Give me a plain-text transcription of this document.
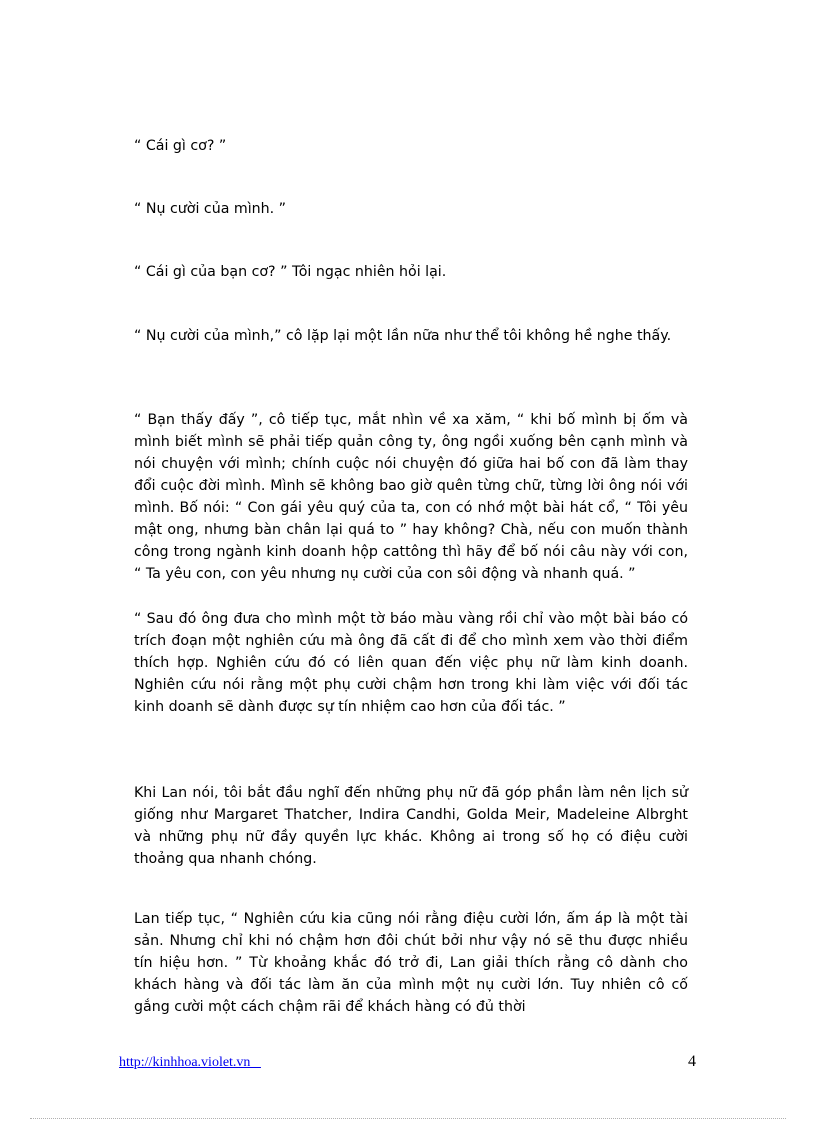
“ Cái gì cơ? ”

“ Nụ cười của mình. ”

“ Cái gì của bạn cơ? ” Tôi ngạc nhiên hỏi lại.

“ Nụ cười của mình,” cô lặp lại một lần nữa như thể tôi không hề nghe thấy.

“ Bạn thấy đấy ”, cô tiếp tục, mắt nhìn về xa xăm, “ khi bố mình bị ốm và mình biết mình sẽ phải tiếp quản công ty, ông ngồi xuống bên cạnh mình và nói chuyện với mình; chính cuộc nói chuyện đó giữa hai bố con đã làm thay đổi cuộc đời mình. Mình sẽ không bao giờ quên từng chữ, từng lời ông nói với mình. Bố nói: “ Con gái yêu quý của ta, con có nhớ một bài hát cổ, “ Tôi yêu mật ong, nhưng bàn chân lại quá to ” hay không? Chà, nếu con muốn thành công trong ngành kinh doanh hộp cattông thì hãy để bố nói câu này với con, “ Ta yêu con, con yêu nhưng nụ cười của con sôi động và nhanh quá. ”

“ Sau đó ông đưa cho mình một tờ báo màu vàng rồi chỉ vào một bài báo có trích đoạn một nghiên cứu mà ông đã cất đi để cho mình xem vào thời điểm thích hợp. Nghiên cứu đó có liên quan đến việc phụ nữ làm kinh doanh. Nghiên cứu nói rằng một phụ cười chậm hơn trong khi làm việc với đối tác kinh doanh sẽ dành được sự tín nhiệm cao hơn của đối tác. ”

Khi Lan nói, tôi bắt đầu nghĩ đến những phụ nữ đã góp phần làm nên lịch sử giống như Margaret Thatcher, Indira Candhi, Golda Meir, Madeleine Albrght và những phụ nữ đầy quyền lực khác. Không ai trong số họ có điệu cười thoảng qua nhanh chóng.

Lan tiếp tục, “ Nghiên cứu kia cũng nói rằng điệu cười lớn, ấm áp là một tài sản. Nhưng chỉ khi nó chậm hơn đôi chút bởi như vậy nó sẽ thu được nhiều tín hiệu hơn. ” Từ khoảng khắc đó trở đi, Lan giải thích rằng cô dành cho khách hàng và đối tác làm ăn của mình một nụ cười lớn. Tuy nhiên cô cố gắng cười một cách chậm rãi để khách hàng có đủ thời

http://kinhhoa.violet.vn	4
